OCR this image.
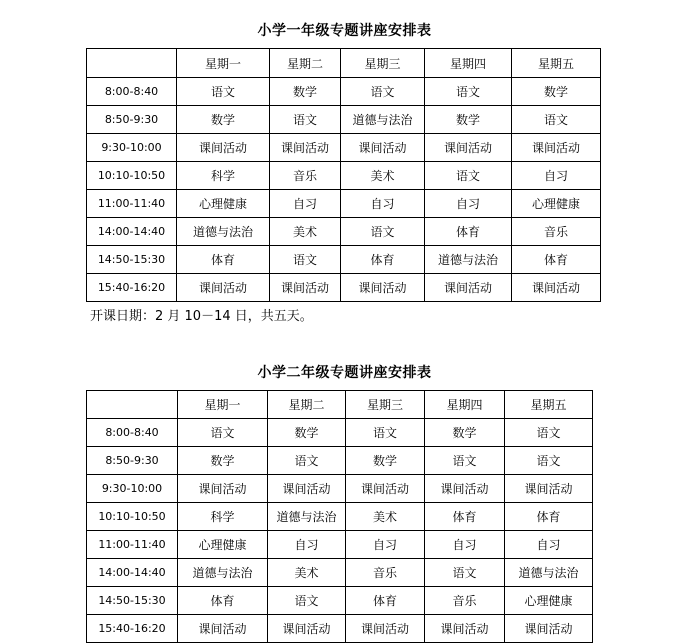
小学一年级专题讲座安排表
	星期一	星期二	星期三	星期四	星期五
8:00-8:40	语文	数学	语文	语文	数学
8:50-9:30	数学	语文	道德与法治	数学	语文
9:30-10:00	课间活动	课间活动	课间活动	课间活动	课间活动
10:10-10:50	科学	音乐	美术	语文	自习
11:00-11:40	心理健康	自习	自习	自习	心理健康
14:00-14:40	道德与法治	美术	语文	体育	音乐
14:50-15:30	体育	语文	体育	道德与法治	体育
15:40-16:20	课间活动	课间活动	课间活动	课间活动	课间活动
开课日期：2 月 10－14 日，共五天。
小学二年级专题讲座安排表
	星期一	星期二	星期三	星期四	星期五
8:00-8:40	语文	数学	语文	数学	语文
8:50-9:30	数学	语文	数学	语文	语文
9:30-10:00	课间活动	课间活动	课间活动	课间活动	课间活动
10:10-10:50	科学	道德与法治	美术	体育	体育
11:00-11:40	心理健康	自习	自习	自习	自习
14:00-14:40	道德与法治	美术	音乐	语文	道德与法治
14:50-15:30	体育	语文	体育	音乐	心理健康
15:40-16:20	课间活动	课间活动	课间活动	课间活动	课间活动
